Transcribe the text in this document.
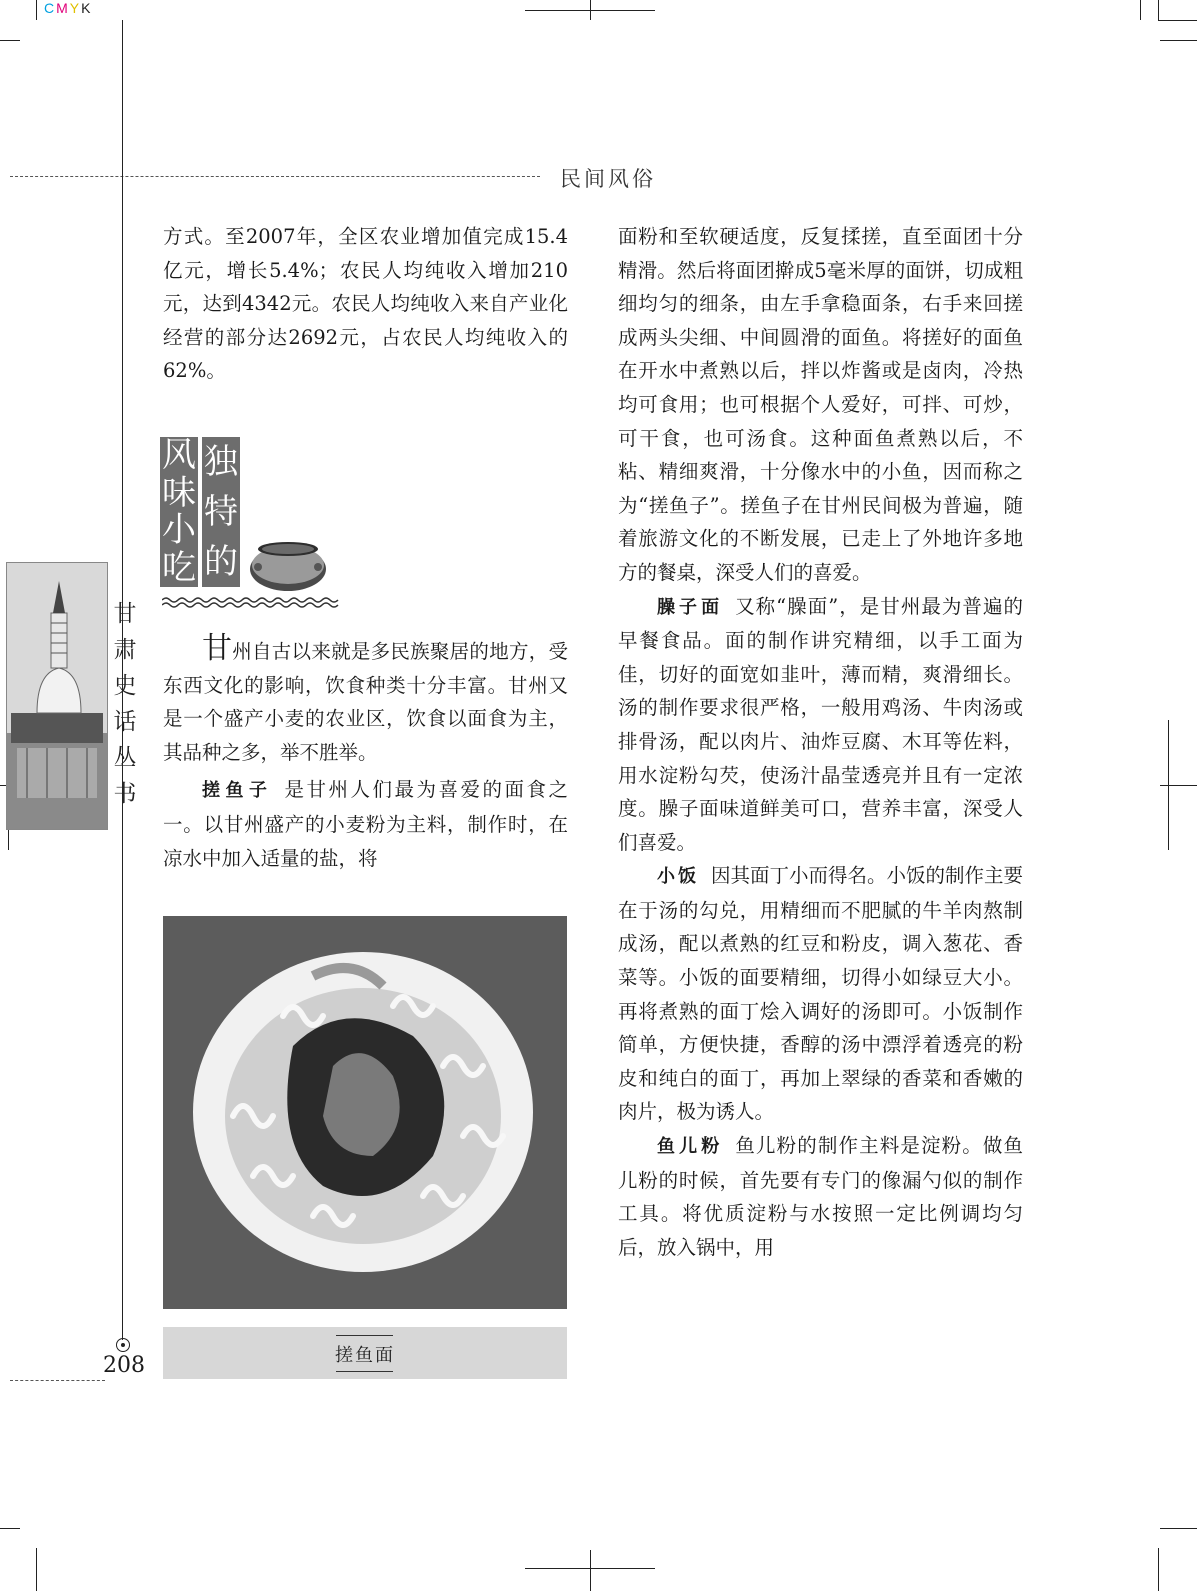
CMYK
民间风俗
甘
肃
史
话
丛
书

方式。至2007年，全区农业增加值完成15.4亿元，增长5.4%；农民人均纯收入增加210元，达到4342元。农民人均纯收入来自产业化经营的部分达2692元，占农民人均纯收入的62%。

风
味
小
吃
独
特
的

甘州自古以来就是多民族聚居的地方，受东西文化的影响，饮食种类十分丰富。甘州又是一个盛产小麦的农业区，饮食以面食为主，其品种之多，举不胜举。

搓鱼子 是甘州人们最为喜爱的面食之一。以甘州盛产的小麦粉为主料，制作时，在凉水中加入适量的盐，将

搓鱼面

面粉和至软硬适度，反复揉搓，直至面团十分精滑。然后将面团擀成5毫米厚的面饼，切成粗细均匀的细条，由左手拿稳面条，右手来回搓成两头尖细、中间圆滑的面鱼。将搓好的面鱼在开水中煮熟以后，拌以炸酱或是卤肉，冷热均可食用；也可根据个人爱好，可拌、可炒，可干食，也可汤食。这种面鱼煮熟以后，不粘、精细爽滑，十分像水中的小鱼，因而称之为“搓鱼子”。搓鱼子在甘州民间极为普遍，随着旅游文化的不断发展，已走上了外地许多地方的餐桌，深受人们的喜爱。

臊子面 又称“臊面”，是甘州最为普遍的早餐食品。面的制作讲究精细，以手工面为佳，切好的面宽如韭叶，薄而精，爽滑细长。汤的制作要求很严格，一般用鸡汤、牛肉汤或排骨汤，配以肉片、油炸豆腐、木耳等佐料，用水淀粉勾芡，使汤汁晶莹透亮并且有一定浓度。臊子面味道鲜美可口，营养丰富，深受人们喜爱。

小饭 因其面丁小而得名。小饭的制作主要在于汤的勾兑，用精细而不肥腻的牛羊肉熬制成汤，配以煮熟的红豆和粉皮，调入葱花、香菜等。小饭的面要精细，切得小如绿豆大小。再将煮熟的面丁烩入调好的汤即可。小饭制作简单，方便快捷，香醇的汤中漂浮着透亮的粉皮和纯白的面丁，再加上翠绿的香菜和香嫩的肉片，极为诱人。

鱼儿粉 鱼儿粉的制作主料是淀粉。做鱼儿粉的时候，首先要有专门的像漏勺似的制作工具。将优质淀粉与水按照一定比例调均匀后，放入锅中，用

208
